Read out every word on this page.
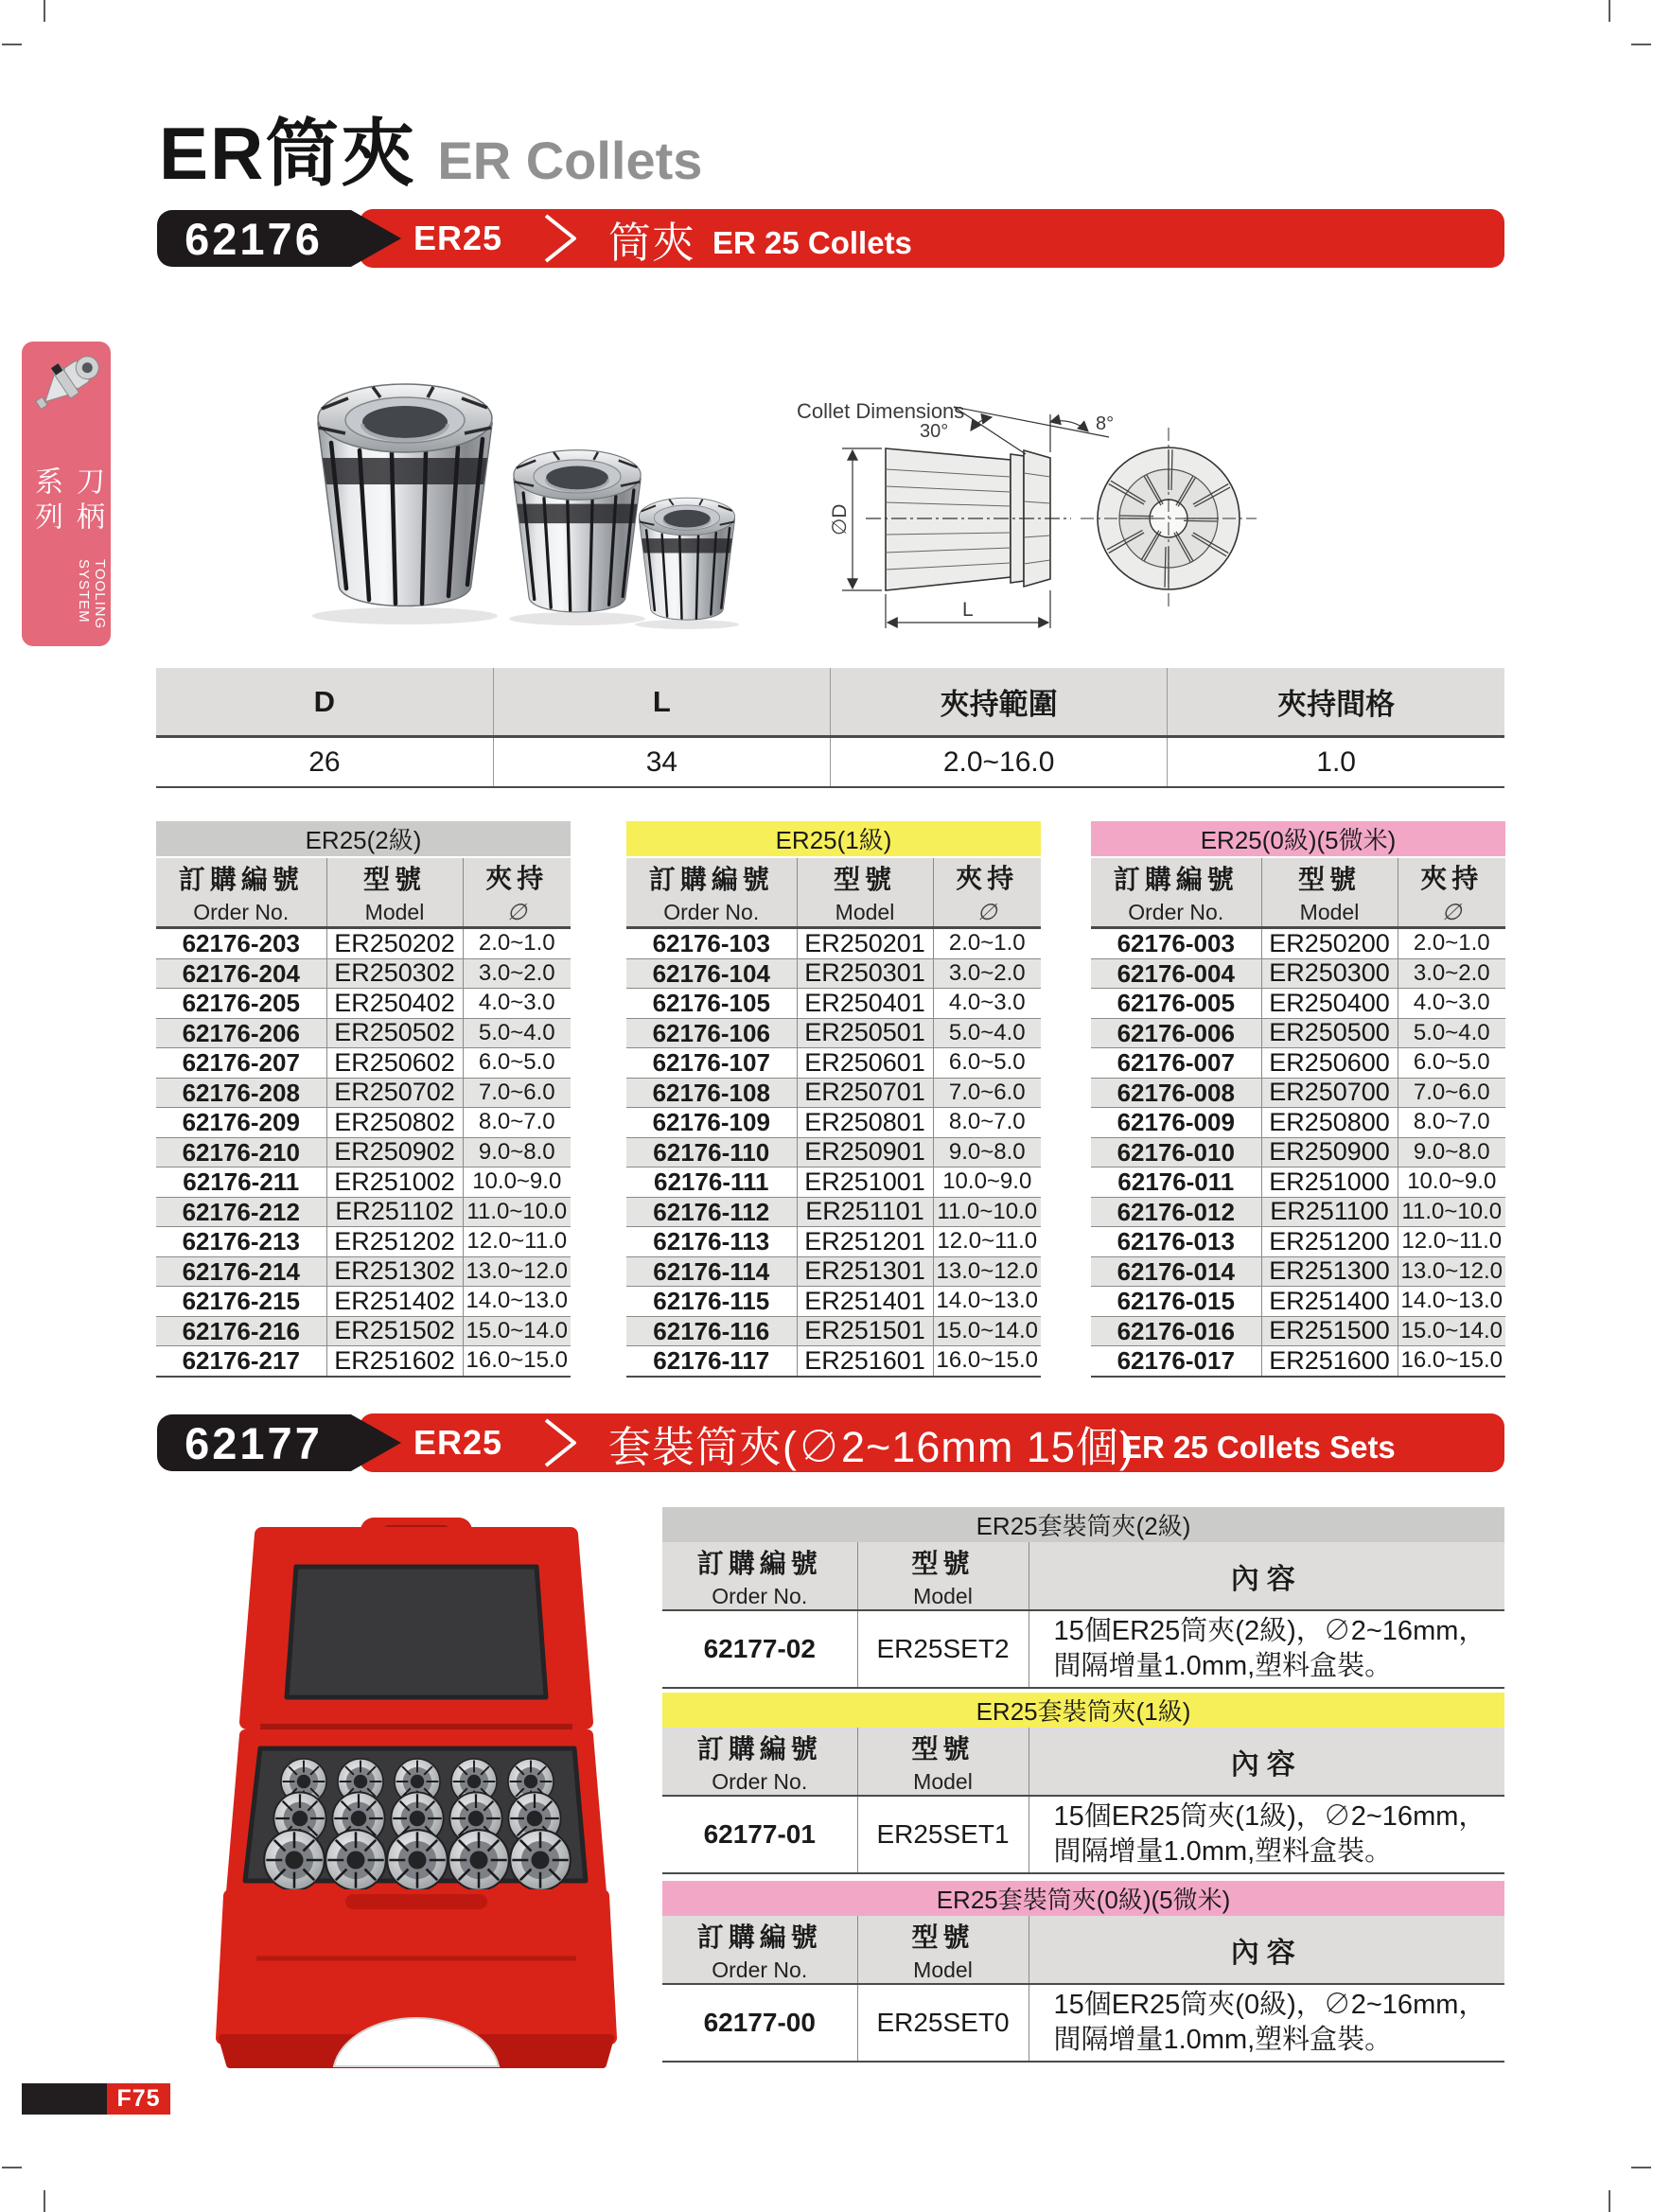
ER筒夾 ER Collets
刀柄系列
TOOLING SYSTEM
62176	ER25 筒夾 ER 25 Collets
Collet Dimensions
30°	8°
∅D
L
D	L	夾持範圍	夾持間格
26	34	2.0~16.0	1.0
ER25(2級)		

訂購編號
Order No.

型號
Model

夾持
∅

62176-203	ER250202	2.0~1.0
62176-204	ER250302	3.0~2.0
62176-205	ER250402	4.0~3.0
62176-206	ER250502	5.0~4.0
62176-207	ER250602	6.0~5.0
62176-208	ER250702	7.0~6.0
62176-209	ER250802	8.0~7.0
62176-210	ER250902	9.0~8.0
62176-211	ER251002	10.0~9.0
62176-212	ER251102	11.0~10.0
62176-213	ER251202	12.0~11.0
62176-214	ER251302	13.0~12.0
62176-215	ER251402	14.0~13.0
62176-216	ER251502	15.0~14.0
62176-217	ER251602	16.0~15.0
ER25(1級)		

訂購編號
Order No.

型號
Model

夾持
∅

62176-103	ER250201	2.0~1.0
62176-104	ER250301	3.0~2.0
62176-105	ER250401	4.0~3.0
62176-106	ER250501	5.0~4.0
62176-107	ER250601	6.0~5.0
62176-108	ER250701	7.0~6.0
62176-109	ER250801	8.0~7.0
62176-110	ER250901	9.0~8.0
62176-111	ER251001	10.0~9.0
62176-112	ER251101	11.0~10.0
62176-113	ER251201	12.0~11.0
62176-114	ER251301	13.0~12.0
62176-115	ER251401	14.0~13.0
62176-116	ER251501	15.0~14.0
62176-117	ER251601	16.0~15.0
ER25(0級)(5微米)		

訂購編號
Order No.

型號
Model

夾持
∅

62176-003	ER250200	2.0~1.0
62176-004	ER250300	3.0~2.0
62176-005	ER250400	4.0~3.0
62176-006	ER250500	5.0~4.0
62176-007	ER250600	6.0~5.0
62176-008	ER250700	7.0~6.0
62176-009	ER250800	8.0~7.0
62176-010	ER250900	9.0~8.0
62176-011	ER251000	10.0~9.0
62176-012	ER251100	11.0~10.0
62176-013	ER251200	12.0~11.0
62176-014	ER251300	13.0~12.0
62176-015	ER251400	14.0~13.0
62176-016	ER251500	15.0~14.0
62176-017	ER251600	16.0~15.0
62177	ER25 套裝筒夾(∅2~16mm 15個)
ER 25 Collets Sets
ER25套裝筒夾(2級)		

訂購編號
Order No.

型號
Model

內容

62177-02	ER25SET2	15個ER25筒夾(2級)，∅2~16mm，
間隔增量1.0mm,塑料盒裝。
ER25套裝筒夾(1級)		

訂購編號
Order No.

型號
Model

內容

62177-01	ER25SET1	15個ER25筒夾(1級)，∅2~16mm，
間隔增量1.0mm,塑料盒裝。
ER25套裝筒夾(0級)(5微米)		

訂購編號
Order No.

型號
Model

內容

62177-00	ER25SET0	15個ER25筒夾(0級)，∅2~16mm，
間隔增量1.0mm,塑料盒裝。
F75
